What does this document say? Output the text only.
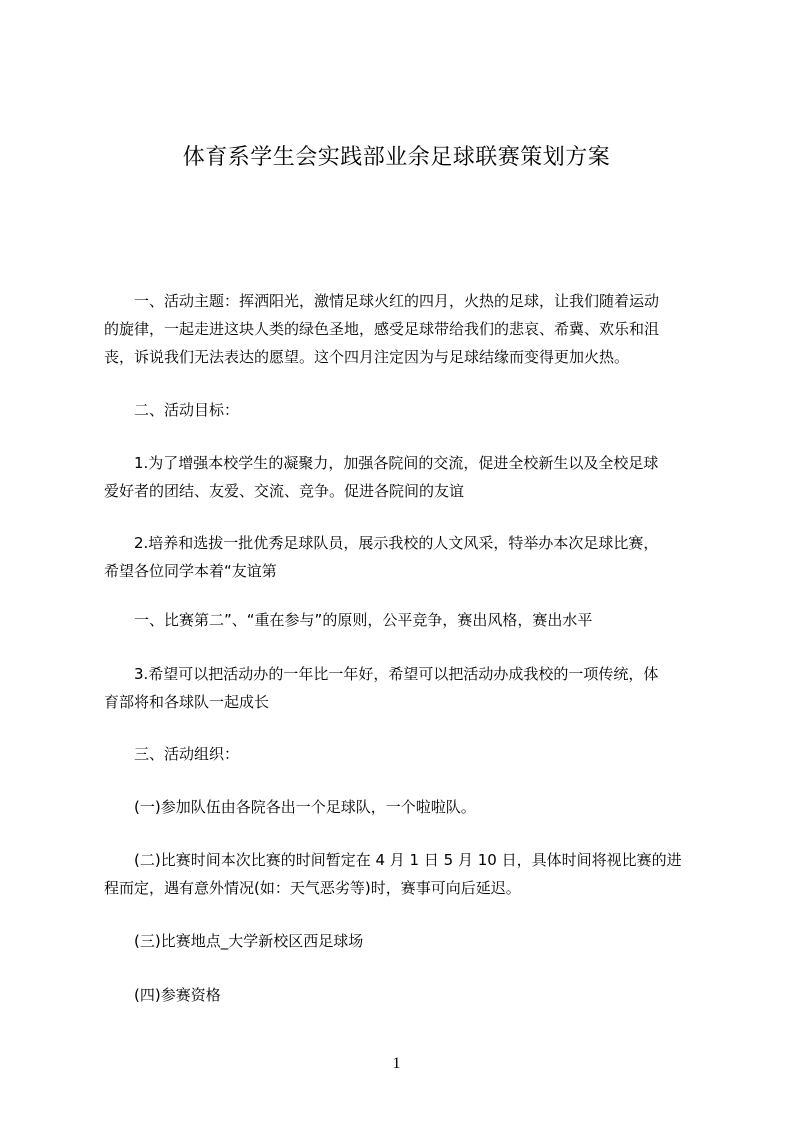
体育系学生会实践部业余足球联赛策划方案
　　一、活动主题：挥洒阳光，激情足球火红的四月，火热的足球，让我们随着运动
的旋律，一起走进这块人类的绿色圣地，感受足球带给我们的悲哀、希冀、欢乐和沮
丧，诉说我们无法表达的愿望。这个四月注定因为与足球结缘而变得更加火热。
　　二、活动目标：
　　1.为了增强本校学生的凝聚力，加强各院间的交流，促进全校新生以及全校足球
爱好者的团结、友爱、交流、竞争。促进各院间的友谊
　　2.培养和选拔一批优秀足球队员，展示我校的人文风采，特举办本次足球比赛，
希望各位同学本着“友谊第
　　一、比赛第二”、“重在参与”的原则，公平竞争，赛出风格，赛出水平
　　3.希望可以把活动办的一年比一年好，希望可以把活动办成我校的一项传统，体
育部将和各球队一起成长
　　三、活动组织：
　　(一)参加队伍由各院各出一个足球队，一个啦啦队。
　　(二)比赛时间本次比赛的时间暂定在 4 月 1 日 5 月 10 日，具体时间将视比赛的进
程而定，遇有意外情况(如：天气恶劣等)时，赛事可向后延迟。
　　(三)比赛地点_大学新校区西足球场
　　(四)参赛资格
1
